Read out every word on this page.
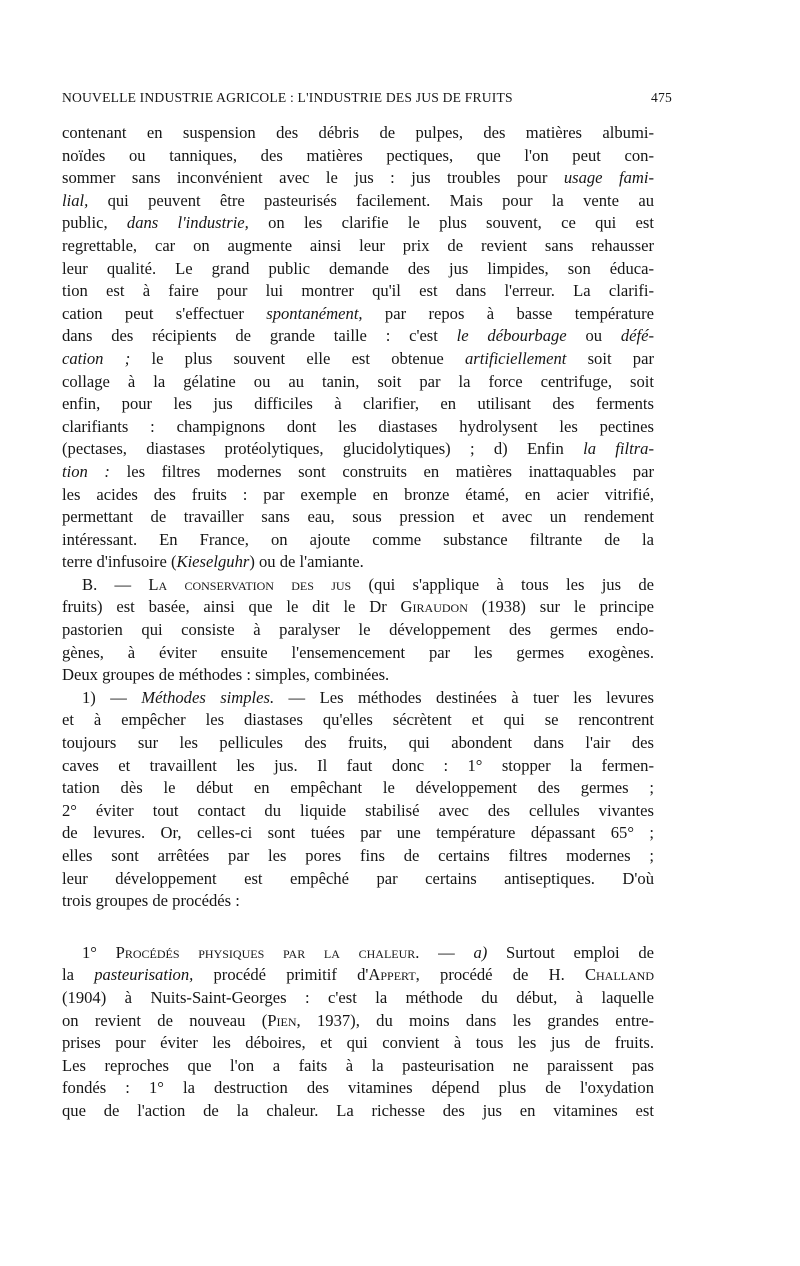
NOUVELLE INDUSTRIE AGRICOLE : L'INDUSTRIE DES JUS DE FRUITS	475
contenant en suspension des débris de pulpes, des matières albumi-
noïdes ou tanniques, des matières pectiques, que l'on peut con-
sommer sans inconvénient avec le jus : jus troubles pour usage fami-
lial, qui peuvent être pasteurisés facilement. Mais pour la vente au
public, dans l'industrie, on les clarifie le plus souvent, ce qui est
regrettable, car on augmente ainsi leur prix de revient sans rehausser
leur qualité. Le grand public demande des jus limpides, son éduca-
tion est à faire pour lui montrer qu'il est dans l'erreur. La clarifi-
cation peut s'effectuer spontanément, par repos à basse température
dans des récipients de grande taille : c'est le débourbage ou défé-
cation ; le plus souvent elle est obtenue artificiellement soit par
collage à la gélatine ou au tanin, soit par la force centrifuge, soit
enfin, pour les jus difficiles à clarifier, en utilisant des ferments
clarifiants : champignons dont les diastases hydrolysent les pectines
(pectases, diastases protéolytiques, glucidolytiques) ; d) Enfin la filtra-
tion : les filtres modernes sont construits en matières inattaquables par
les acides des fruits : par exemple en bronze étamé, en acier vitrifié,
permettant de travailler sans eau, sous pression et avec un rendement
intéressant. En France, on ajoute comme substance filtrante de la
terre d'infusoire (Kieselguhr) ou de l'amiante.
B. — La conservation des jus (qui s'applique à tous les jus de
fruits) est basée, ainsi que le dit le Dr Giraudon (1938) sur le principe
pastorien qui consiste à paralyser le développement des germes endo-
gènes, à éviter ensuite l'ensemencement par les germes exogènes.
Deux groupes de méthodes : simples, combinées.
1) — Méthodes simples. — Les méthodes destinées à tuer les levures
et à empêcher les diastases qu'elles sécrètent et qui se rencontrent
toujours sur les pellicules des fruits, qui abondent dans l'air des
caves et travaillent les jus. Il faut donc : 1° stopper la fermen-
tation dès le début en empêchant le développement des germes ;
2° éviter tout contact du liquide stabilisé avec des cellules vivantes
de levures. Or, celles-ci sont tuées par une température dépassant 65° ;
elles sont arrêtées par les pores fins de certains filtres modernes ;
leur développement est empêché par certains antiseptiques. D'où
trois groupes de procédés :
1° Procédés physiques par la chaleur. — a) Surtout emploi de
la pasteurisation, procédé primitif d'Appert, procédé de H. Challand
(1904) à Nuits-Saint-Georges : c'est la méthode du début, à laquelle
on revient de nouveau (Pien, 1937), du moins dans les grandes entre-
prises pour éviter les déboires, et qui convient à tous les jus de fruits.
Les reproches que l'on a faits à la pasteurisation ne paraissent pas
fondés : 1° la destruction des vitamines dépend plus de l'oxydation
que de l'action de la chaleur. La richesse des jus en vitamines est
